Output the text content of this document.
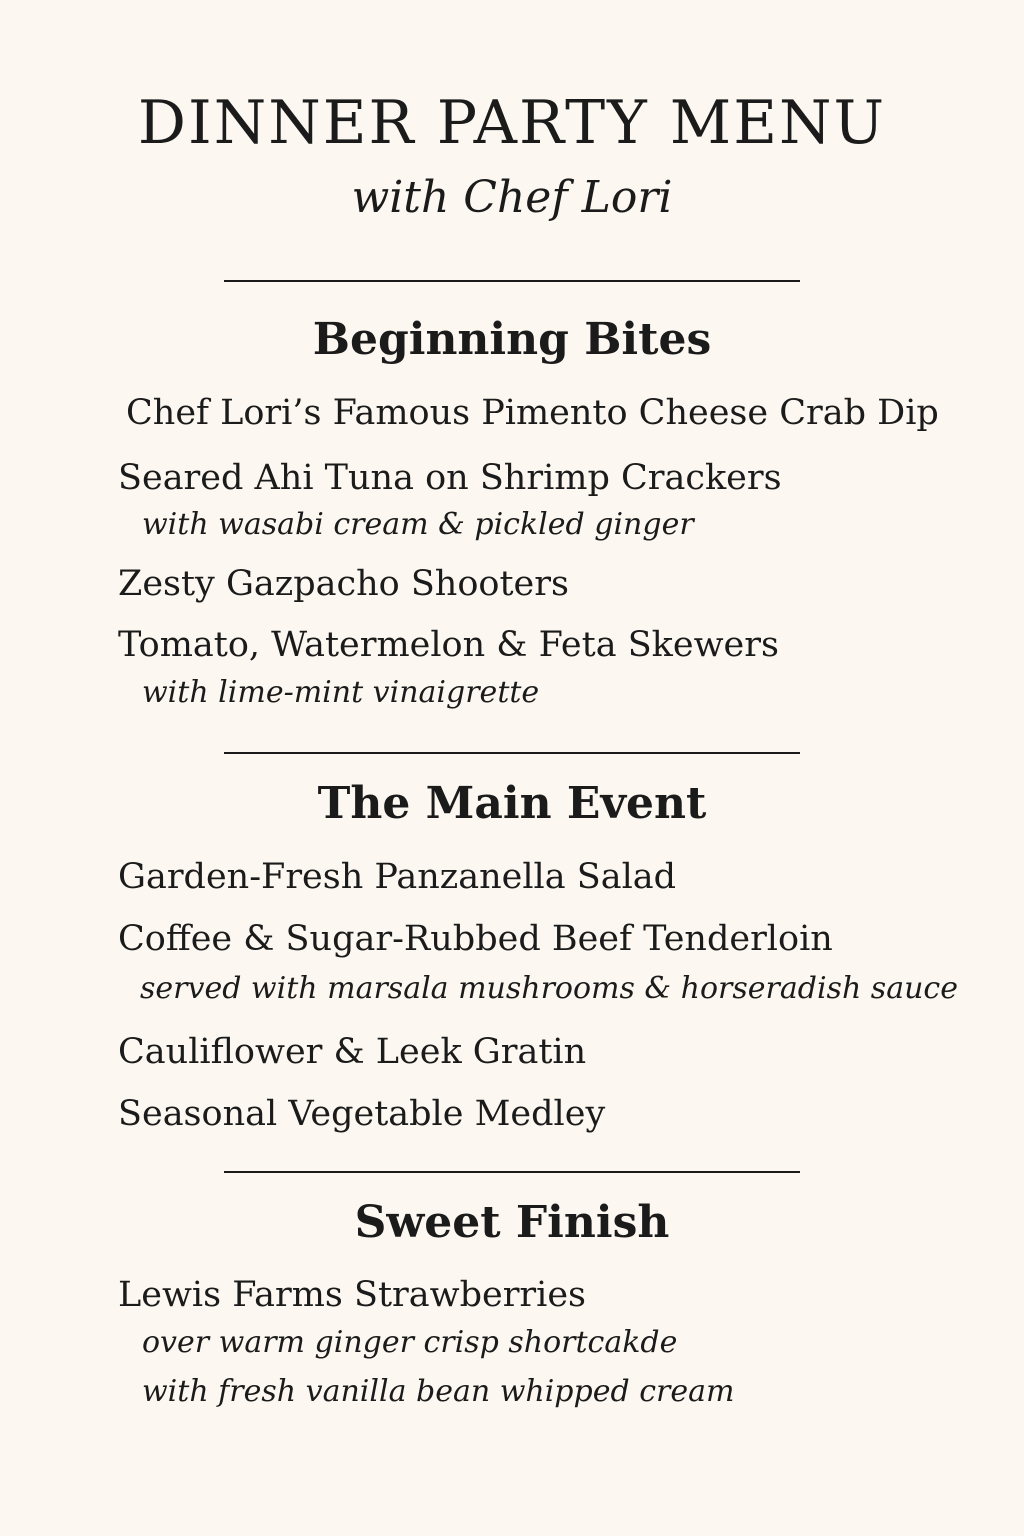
DINNER PARTY MENU
with Chef Lori
Beginning Bites
Chef Lori’s Famous Pimento Cheese Crab Dip
Seared Ahi Tuna on Shrimp Crackers
with wasabi cream & pickled ginger
Zesty Gazpacho Shooters
Tomato, Watermelon & Feta Skewers
with lime-mint vinaigrette
The Main Event
Garden-Fresh Panzanella Salad
Coffee & Sugar-Rubbed Beef Tenderloin
served with marsala mushrooms & horseradish sauce
Cauliflower & Leek Gratin
Seasonal Vegetable Medley
Sweet Finish
Lewis Farms Strawberries
over warm ginger crisp shortcakde
with fresh vanilla bean whipped cream
